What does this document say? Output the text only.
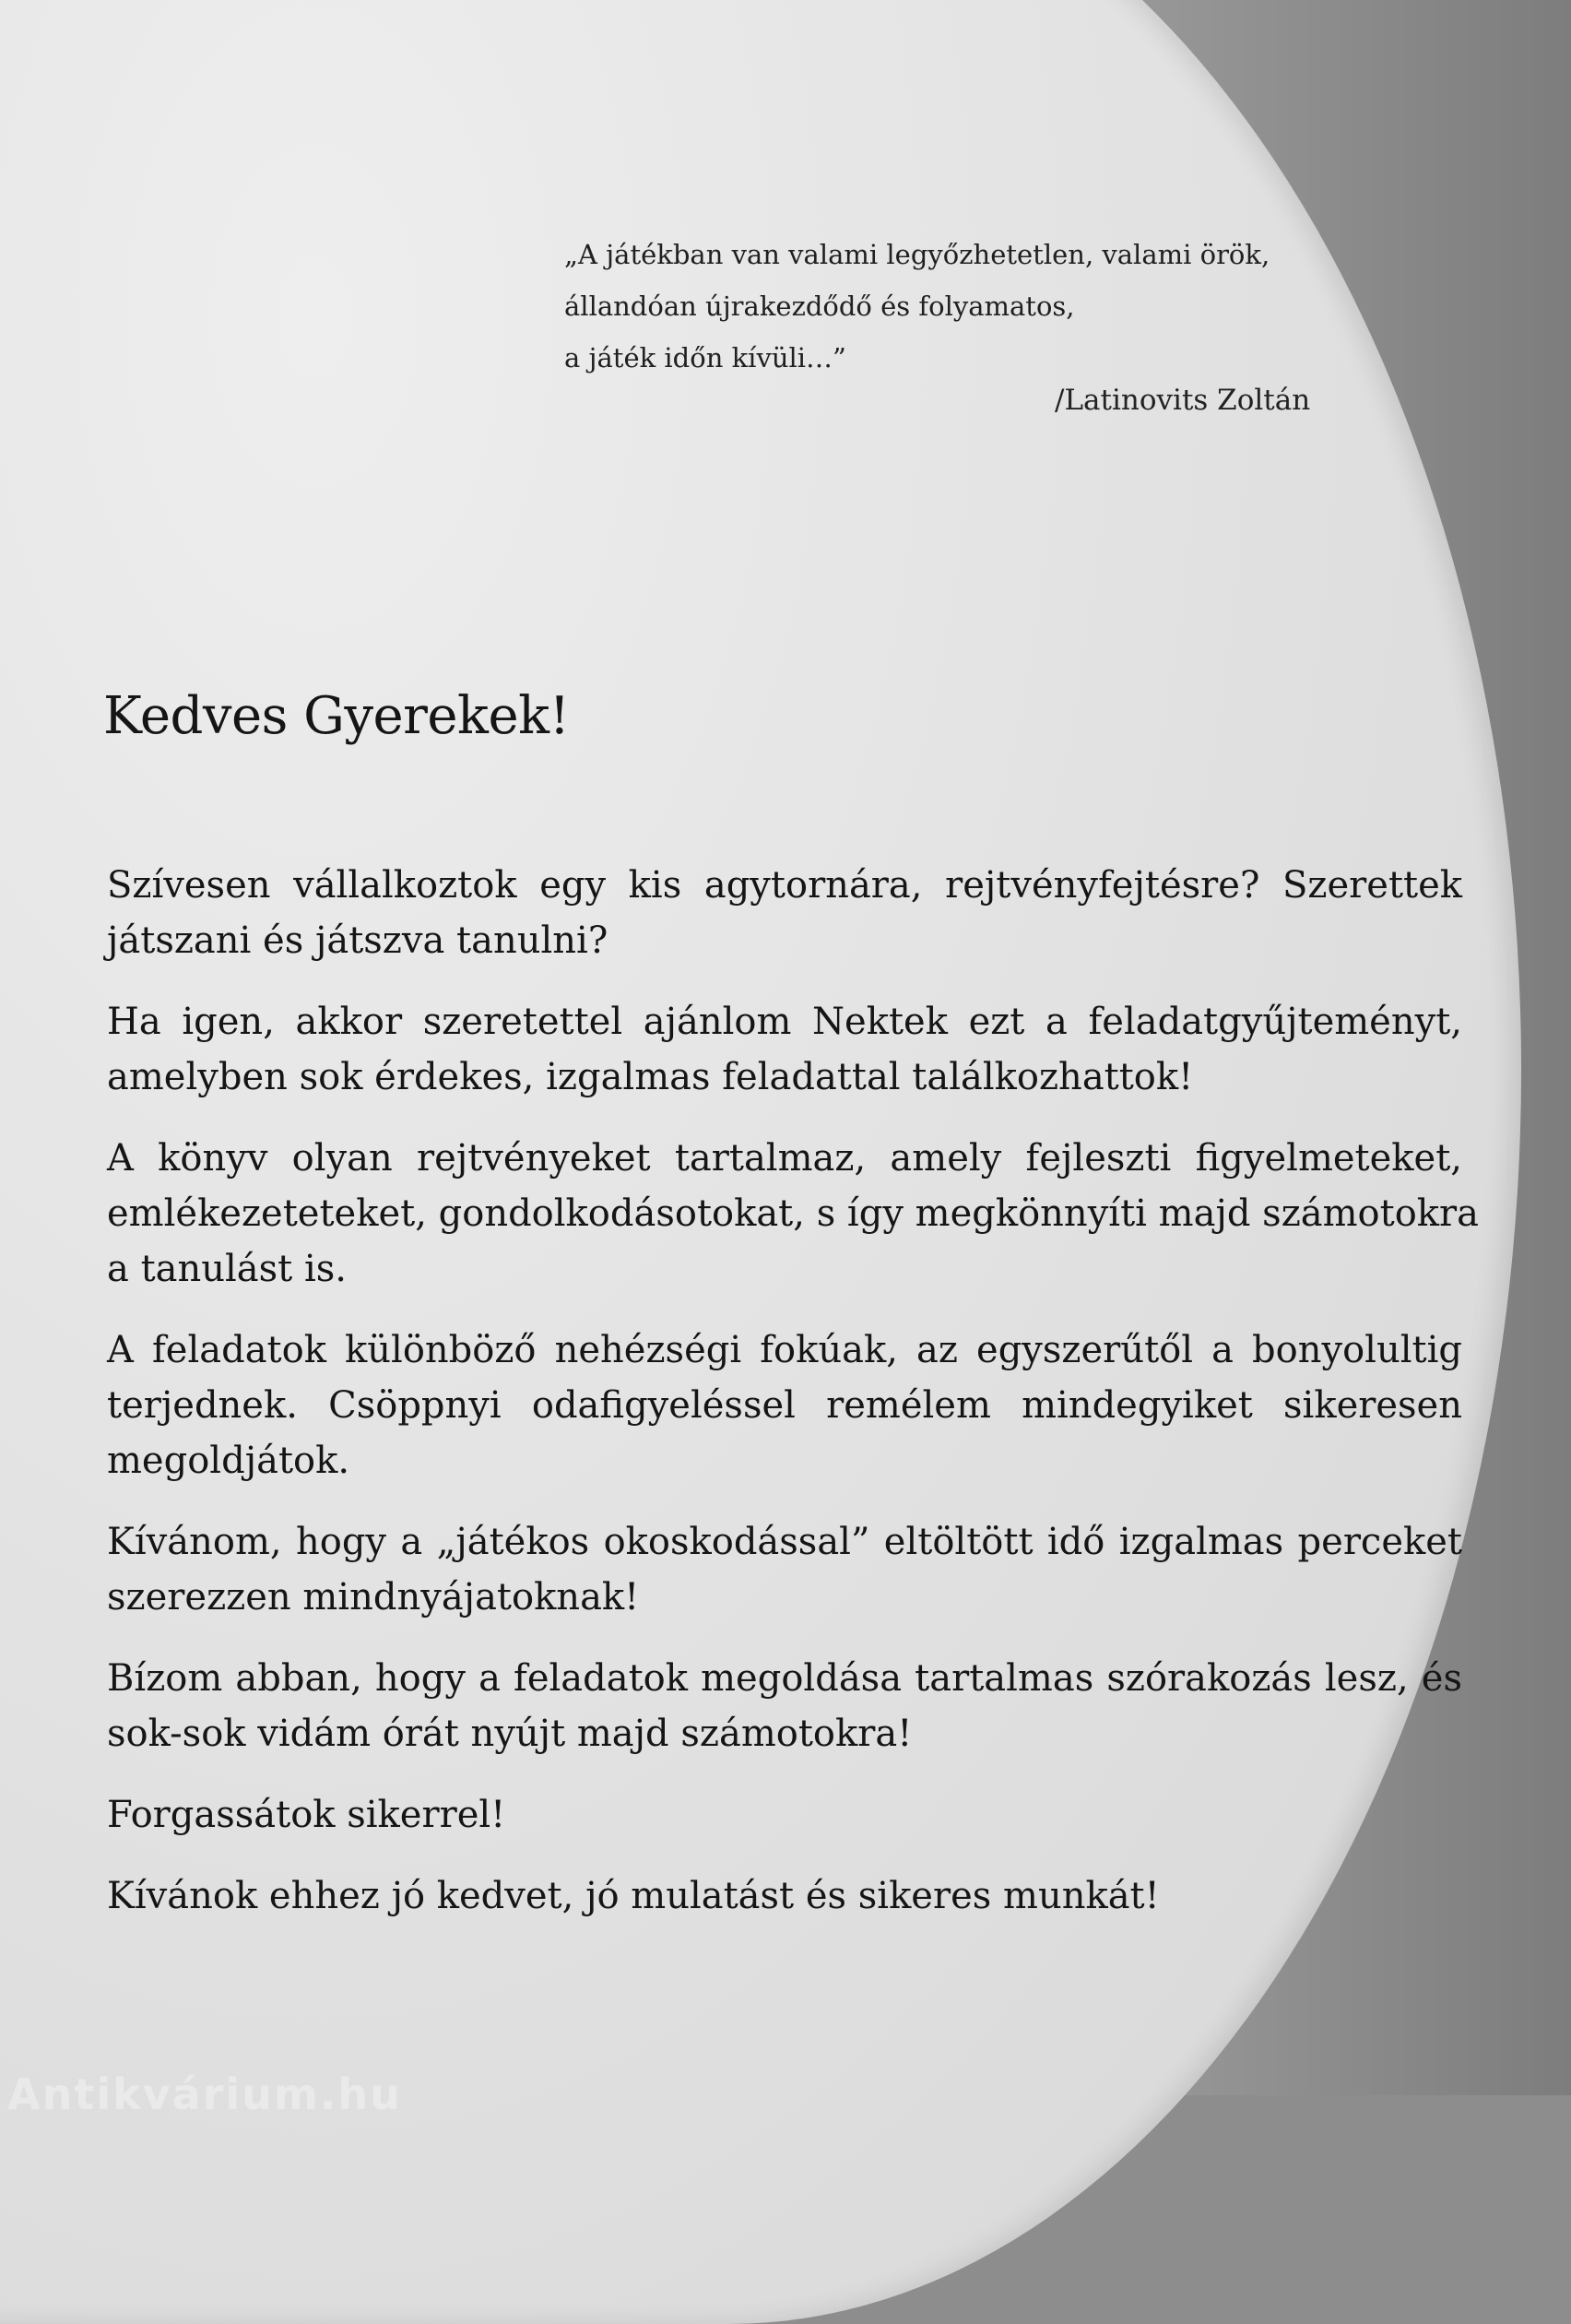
„A játékban van valami legyőzhetetlen, valami örök,
állandóan újrakezdődő és folyamatos,
a játék időn kívüli…”
/Latinovits Zoltán
Kedves Gyerekek!
Szívesen vállalkoztok egy kis agytornára, rejtvényfejtésre? Szerettek
játszani és játszva tanulni?
Ha igen, akkor szeretettel ajánlom Nektek ezt a feladatgyűjteményt,
amelyben sok érdekes, izgalmas feladattal találkozhattok!
A könyv olyan rejtvényeket tartalmaz, amely fejleszti figyelmeteket,
emlékezeteteket, gondolkodásotokat, s így megkönnyíti majd számotokra
a tanulást is.
A feladatok különböző nehézségi fokúak, az egyszerűtől a bonyolultig
terjednek. Csöppnyi odafigyeléssel remélem mindegyiket sikeresen
megoldjátok.
Kívánom, hogy a „játékos okoskodással” eltöltött idő izgalmas perceket
szerezzen mindnyájatoknak!
Bízom abban, hogy a feladatok megoldása tartalmas szórakozás lesz, és
sok-sok vidám órát nyújt majd számotokra!
Forgassátok sikerrel!
Kívánok ehhez jó kedvet, jó mulatást és sikeres munkát!
Antikvárium.hu
